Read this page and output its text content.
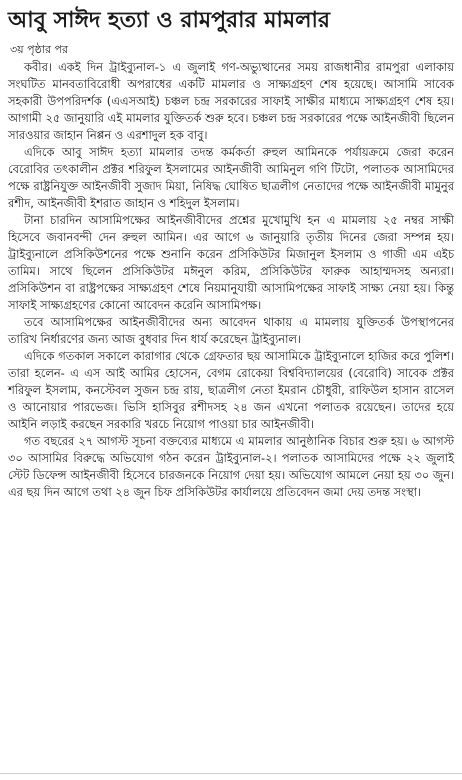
আবু সাঈদ হত্যা ও রামপুরার মামলার
৩য় পৃষ্ঠার পর

কবীর। একই দিন ট্রাইব্যুনাল-১ এ জুলাই গণ-অভ্যুত্থানের সময় রাজধানীর রামপুরা এলাকায় সংঘটিত মানবতাবিরোধী অপরাধের একটি মামলার ও সাক্ষ্যগ্রহণ শেষ হয়েছে। আসামি সাবেক সহকারী উপপরিদর্শক (এএসআই) চঞ্চল চন্দ্র সরকারের সাফাই সাক্ষীর মাধ্যমে সাক্ষ্যগ্রহণ শেষ হয়। আগামী ২৫ জানুয়ারি এই মামলার যুক্তিতর্ক শুরু হবে। চঞ্চল চন্দ্র সরকারের পক্ষে আইনজীবী ছিলেন সারওয়ার জাহান নিপ্পন ও এরশাদুল হক বাবু।

এদিকে আবু সাঈদ হত্যা মামলার তদন্ত কর্মকর্তা রুহুল আমিনকে পর্যায়ক্রমে জেরা করেন বেরোবির তৎকালীন প্রক্টর শরিফুল ইসলামের আইনজীবী আমিনুল গণি টিটো, পলাতক আসামিদের পক্ষে রাষ্ট্রনিযুক্ত আইনজীবী সুজাদ মিয়া, নিষিদ্ধ ঘোষিত ছাত্রলীগ নেতাদের পক্ষে আইনজীবী মামুনুর রশীদ, আইনজীবী ইশরাত জাহান ও শহিদুল ইসলাম।

টানা চারদিন আসামিপক্ষের আইনজীবীদের প্রশ্নের মুখোমুখি হন এ মামলায় ২৫ নম্বর সাক্ষী হিসেবে জবানবন্দী দেন রুহুল আমিন। এর আগে ৬ জানুয়ারি তৃতীয় দিনের জেরা সম্পন্ন হয়। ট্রাইব্যুনালে প্রসিকিউশনের পক্ষে শুনানি করেন প্রসিকিউটর মিজানুল ইসলাম ও গাজী এম এইচ তামিম। সাথে ছিলেন প্রসিকিউটর মঈনুল করিম, প্রসিকিউটর ফারুক আহাম্মদসহ অন্যরা। প্রসিকিউশন বা রাষ্ট্রপক্ষের সাক্ষ্যগ্রহণ শেষে নিয়মানুযায়ী আসামিপক্ষের সাফাই সাক্ষ্য নেয়া হয়। কিন্তু সাফাই সাক্ষ্যগ্রহণের কোনো আবেদন করেনি আসামিপক্ষ।

তবে আসামিপক্ষের আইনজীবীদের অন্য আবেদন থাকায় এ মামলায় যুক্তিতর্ক উপস্থাপনের তারিখ নির্ধারণের জন্য আজ বুধবার দিন ধার্য করেছেন ট্রাইব্যুনাল।

এদিকে গতকাল সকালে কারাগার থেকে গ্রেফতার ছয় আসামিকে ট্রাইব্যুনালে হাজির করে পুলিশ। তারা হলেন- এ এস আই আমির হোসেন, বেগম রোকেয়া বিশ্ববিদ্যালয়ের (বেরোবি) সাবেক প্রক্টর শরিফুল ইসলাম, কনস্টেবল সুজন চন্দ্র রায়, ছাত্রলীগ নেতা ইমরান চৌধুরী, রাফিউল হাসান রাসেল ও আনোয়ার পারভেজ। ভিসি হাসিবুর রশীদসহ ২৪ জন এখনো পলাতক রয়েছেন। তাদের হয়ে আইনি লড়াই করছেন সরকারি খরচে নিয়োগ পাওয়া চার আইনজীবী।

গত বছরের ২৭ আগস্ট সূচনা বক্তব্যের মাধ্যমে এ মামলার আনুষ্ঠানিক বিচার শুরু হয়। ৬ আগস্ট ৩০ আসামির বিরুদ্ধে অভিযোগ গঠন করেন ট্রাইব্যুনাল-২। পলাতক আসামিদের পক্ষে ২২ জুলাই স্টেট ডিফেন্স আইনজীবী হিসেবে চারজনকে নিয়োগ দেয়া হয়। অভিযোগ আমলে নেয়া হয় ৩০ জুন। এর ছয় দিন আগে তথা ২৪ জুন চিফ প্রসিকিউটর কার্যালয়ে প্রতিবেদন জমা দেয় তদন্ত সংস্থা।
